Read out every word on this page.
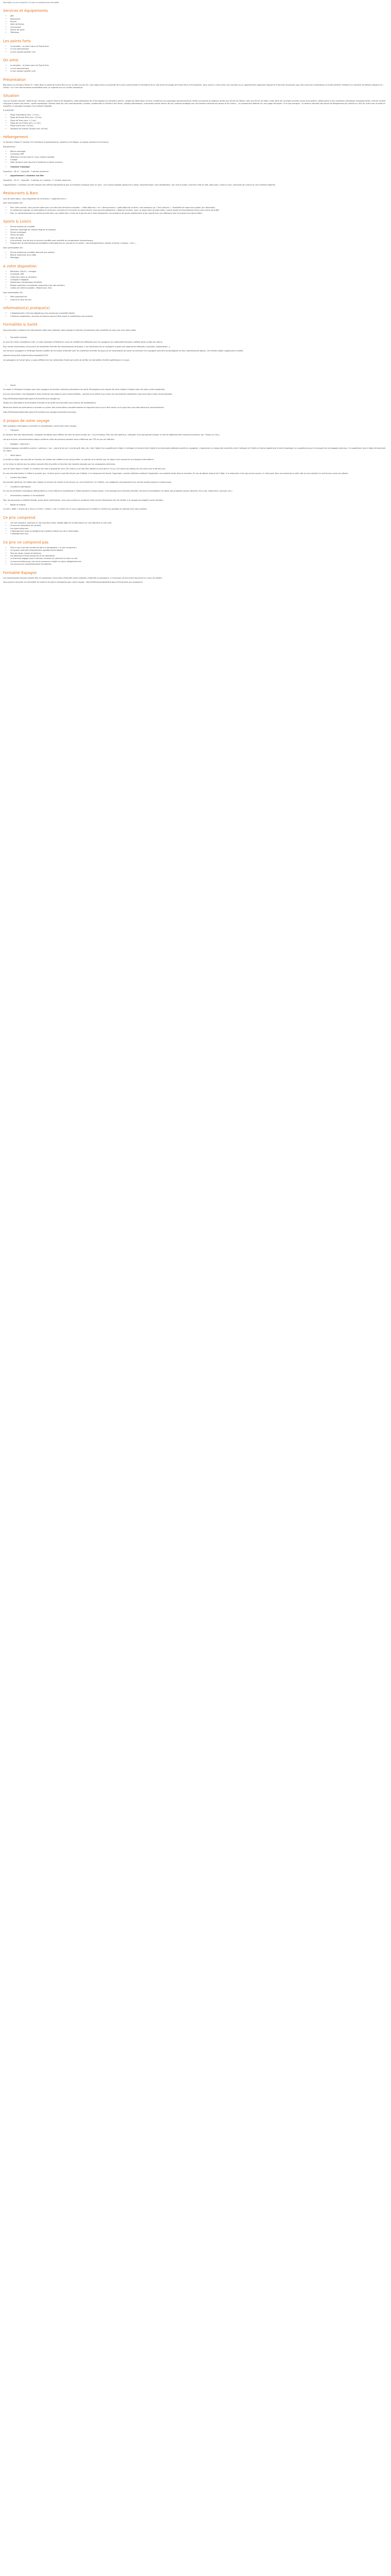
Description Ce prix comprend / Ce prix ne comprend pas Formalités
Services et équipements
• Wifi
• Restaurant
• Piscine
• Salle de fitness
• Club enfant
• Terrain de sport
• Télévision
Les points forts
• La situation : en plein cœur de Puerto Rico
• La vue panoramique
• Le bon rapport qualité / prix
On aime
• La situation : en plein cœur de Puerto Rico
• La vue panoramique
• Le bon rapport qualité / prix
Présentation

Bienvenue au Servatur Riosol 3* ! Situé dans la vallée de Puerto Rico et sur la côte sud de l'île, vous séjournerez à proximité de la zone commerciale et récréative de la ville entre les plages de Puerto Rico et d'Amadores. Vous aurez le choix entre une chambre ou un appartement largement équipé et la formule de pension pour des vacances confortables en toute sérénité. Profitez d'un moment de détente absolue et « chillez » sur l'une des terrasses ensoleillées avec un superbe vue sur l'océan Atlantique.

Situation

Cap sur Grande Canarie ! Décliné par l'Unesco, comme réserve de biosphère, cette destination de choix dispose de nombreux atouts : plages de sable blanc et eaux cristallines aux paysages impressionnants, forêts luxuriantes et plateaux arides aux allures de désert. Avec ses 60 km de côtes, cette perle de l'archipel canarien saura vous séduire. Idéale grâce à ses conditions climatiques exceptionnelles, Grande Canarie conjugue à toutes vos envies : sports aquatiques, flânerie dans les rues commerçantes, musées, randonnées à l'intérieur des Terres, villages pittoresques, surprenants bords marins de Las Canteras protégés par une barrière naturelle de pierres et de coraux… ou simplement détente sur une plage tranquille ! À ne pas manquer : la réserve naturelle des dunes de Maspalomas qui s'étend sur 400 ha, entre mer et sable et constitue un paysage sauvage d'une beauté inégalée.

À proximité :

• Plage d'Amadores (env. 1,3 km)
• Plage de Puerto Rico (env. 1,8 km)
• Playa de Tauro (env. 2,1 km)
• Plage de Los Frailes (env. 4,1 km)
• Playa d'Anfi (env. 4,6 km)
• Aéroport de Grande Canarie (env. 46 km)
Hébergement

Le Servatur Riosol 3* compte 219 chambres et appartements, répartis sur 8 étages, au design moderne et lumineux.

Équipements :

• Balcon aménagé
• Connexion Wifi
• Télévision à écran plat 22" avec chaînes satellite
• Canapé
• Salle de bains avec douche à l'italienne et sèche-cheveux
• Chambre Classique

Superficie : 28 m² - Capacité : 2 adultes maximum

• Appartement 1 chambre vue Mer

Superficie : 34 m² - Capacité : 3 adultes ou 2 adultes + 1 enfant maximum

L'appartement 1 chambre vue Mer dispose des mêmes équipements que la Chambre Classique avec en plus : une cuisine équipée (plaque de cuisson vitrocéramique, mini-réfrigérateur, four micro-ondes, machine à thé et café, grille-pain, cuiseur à eau, ustensiles de cuisine) et une chambre séparée.

Restaurants & Bars

Lors de votre séjour, vous disposerez de la formule « Logement seul ».

Avec participation (€) :

• Pour votre confort, vous pourrez opter pour une des trois formules suivantes : « Petit-déjeuner » ou « Demi-pension » (petit-déjeuner et dîner, hors boissons) ou « Tout compris » ; Possibilité de repas sans gluten (sur demande).
• Le restaurant propose un petit-déjeuner varié pour commencer la journée en pleine forme. Vous pourrez également « déjeuner et dîner, avec un large choix de plats salés, cuisine locale et internationale servis sous forme de buffet.
• Pour un rafraîchissement en pleine journée et/ou une petite faim, le bar de la piscine est à votre disposition. Les amateurs de sports apprécieront le bar sportif avec ses diffusions tout en prenant une bonne bière.
Sports & Loisirs
• Piscine extérieure chauffée
• Solarium aménagé de chaises longues et parasols
• Terrain multisport
• Tennis de table
• Salle de sport
• Club enfants, aire de jeux et piscine chauffée avec activités et encadrement internationaux
• Programme de divertissements quotidiens internationaux en journée et en soirée : concerts/spectacles, soirées à thème, musique « live »…

Avec participation (€) :

• Piscine extérieure chauffée réservée aux adultes
• Billard, baby-foot, jeux vidéo
• Massages
A votre disposition
• Réception 24h/24 - Consigne
• Connexion Wifi
• Coffre-fort (dans la chambre)
• Consigne à bagages
• Distributeur automatique de billets
• Étages supérieurs accessibles uniquement par des escaliers
• Cartes de crédit acceptées : MasterCard, Visa

Avec participation (€) :

• Petit supermarché
• Laverie en libre service
Information(s) pratique(s)
• L'établissement n'est pas adapté pour les personnes à mobilité réduite.
• Certaines installations, services et horaires peuvent être sujets à modification sans préavis.
Formalités & Santé

Vous trouverez ci-dessous les informations utiles pour préparer votre voyage et prendre connaissance des actualités du pays que vous allez visiter.

• Formalité d'entrée

Au sein de l'Union européenne (UE), la carte nationale d'identité en cours de validité est suffisante pour les voyageurs de nationalité française (validité après la date de retour).

Pour toutes informations concernant les formalités d'entrée des ressortissants étrangers, il est nécessaire de se renseigner auprès des organismes adéquats (consulats, ambassades...).

Les mineurs voyageant à l'étranger doivent justifier de leur pièce d'identité (voir les conditions d'entrée du pays) et de l'autorisation de sortie du territoire s'ils voyagent sans être accompagnés de leurs représentants légaux. Les mêmes règles s'appliquent au bébé.

www.service-public.fr/particuliers/vosdroits/F1922

Les passagers en transit dans un pays différent de leur destination finale sont priés de vérifier les formalités d'entrée spécifiques à ce pays.

• Santé

Un séjour à l'étranger implique pour tout voyageur de prendre certaines précautions de santé. Renseignez-vous auprès de votre médecin traitant et/ou de votre centre hospitalier.

Aucune vaccination n'est obligatoire mais certaines vaccinations sont recommandées ; assurez-vous d'être à jour dans vos vaccinations habituelles mais aussi dans celles recommandées.

http://XXXX/www.diplomatie.gouv.fr/fr/conseils-aux-voyageurs/

Toutes les informations de formalités d'entrée et de santé sont données sous réserve de modifications.

Retrouvez toutes les précautions à prendre sur place, des informations complémentaires et apprenez tout ce qu'il faut savoir sur le pays que vous allez découvrir prochainement.

http://XXXX/www.diplomatie.gouv.fr/fr/conseils-aux-voyageurs/conseils-par-pays/

À propos de votre voyage

Voici quelques informations à prendre en considération concernant votre voyage.

• Transport

En fonction des vols sélectionnés, l'aéroport de départ peut différer de celui de votre arrivée (ex : Orly et Roissy). Pour les vols spéciaux, l'aéroport n'est pas garanti lorsque la ville de départ/arrivée comprend plusieurs (ex : Roissy ou Orly).

Les prix et jours, acheminements depuis certaines villes de province peuvent aussi s'effectuer par TGV ou par vol intérieur.

• Bagages « spéciaux »

Certains bagages considérés comme « spéciaux » (ex. : planche de surf, club de golf, vélo, etc.) font l'objet d'un supplément à régler à l'aéroport et doivent faire l'objet d'une demande préalable auprès du voyagiste. L'organisme en charge des transferts entre l'aéroport et l'hôtel se réserve également le droit d'appliquer un supplément pour le transport de ces bagages spéciaux. Ce supplément sera à régler directement sur place.

• Votre séjour

La durée du séjour est calculée en fonction du nombre de nuitées et non de journées. Le premier et le dernier jour du séjour sont consacrés au transport international.

Le 1er et/ou le dernier jour du séjour peuvent être écourtés en fonction des horaires imposés par les compagnies aériennes.

Lors de votre séjour à l'hôtel, la chambre est mise à disposition vers 15h (check-in) et doit être libérée au plus tard à 11h ou 12h (selon les hôtels) lors du check-out le dernier jour.

En cas d'arrivée tardive à l'hôtel le premier jour, le dîner peut ne pas être fourni par l'hôtelier si le restaurant est fermé. Cependant, certains hôteliers mettent à disposition une assiette froide dans la chambre. En cas de départ matinal de l'hôtel, si le restaurant n'est pas encore ouvert, le client peut faire une demande la veille afin qu'une collation lui soit fournie avant son départ.

• Confort des hôtels

De manière générale, les hôtels sont classés en termes de confort et de service sur une échelle de 2 à 5 étoiles, ces catégories correspondent aux normes locales propres à chaque pays.

• Conditions spécifiques

En cas de conditions climatiques défavorables ou d'une affluence insuffisante à l'hôtel pendant la basse saison, il est possible que certaines activités, services et installations ne soient pas proposés (sports collectifs, mini-club, restaurants, piscines, etc.).

• Informations relatives à l'accessibilité

Pour les personnes à mobilité réduite, avant toute confirmation, nous vous invitons à contacter notre service réservation afin de vérifier si le voyage est adapté à votre situation.

• Bébés et enfants

Le tarif « bébé » (moins de 2 ans) ou le tarif « enfant » (de 2 à moins de 12 ans) s'applique pour le bébé ou l'enfant qui partage la chambre avec deux adultes.

Ce prix comprend
• Les vols réguliers, spéciaux ou low cost aller-retour (bébés âgés de la réservation sur vols réguliers ou low cost)
• Le taux de rafale/taxe de carbone
• Les taxes aériennes
• L'hébergement selon la catégorie de chambre choisie lors de la réservation
• L'hébergement seul
Ce prix ne comprend pas
• Tout ce qui n'est pas mentionné dans le paragraphe « Le prix comprend »
• La hausse carburant (réajustement possible avant départ)
• Tous les repas, snacks et boissons
• Les dépenses d'ordre personnel et les pourboires
• La franchise bagage (soit à mention contraire au moment du choix du vol)
• La taxe touristique par nuit et par personne à régler sur place obligatoirement
• Les assurances complémentaires facultatives
Formalité Espagne

Les ressortissants français doivent être en possession d'une pièce d'identité (carte nationale d'identité ou passeport), à l'exclusion de tout autre document en cours de validité.

Vous pouvez consulter les formalités de santé et de police nécessaires pour votre voyage : http://XXXX/www.diplomatie.gouv.fr/fr/conseils-aux-voyageurs/
